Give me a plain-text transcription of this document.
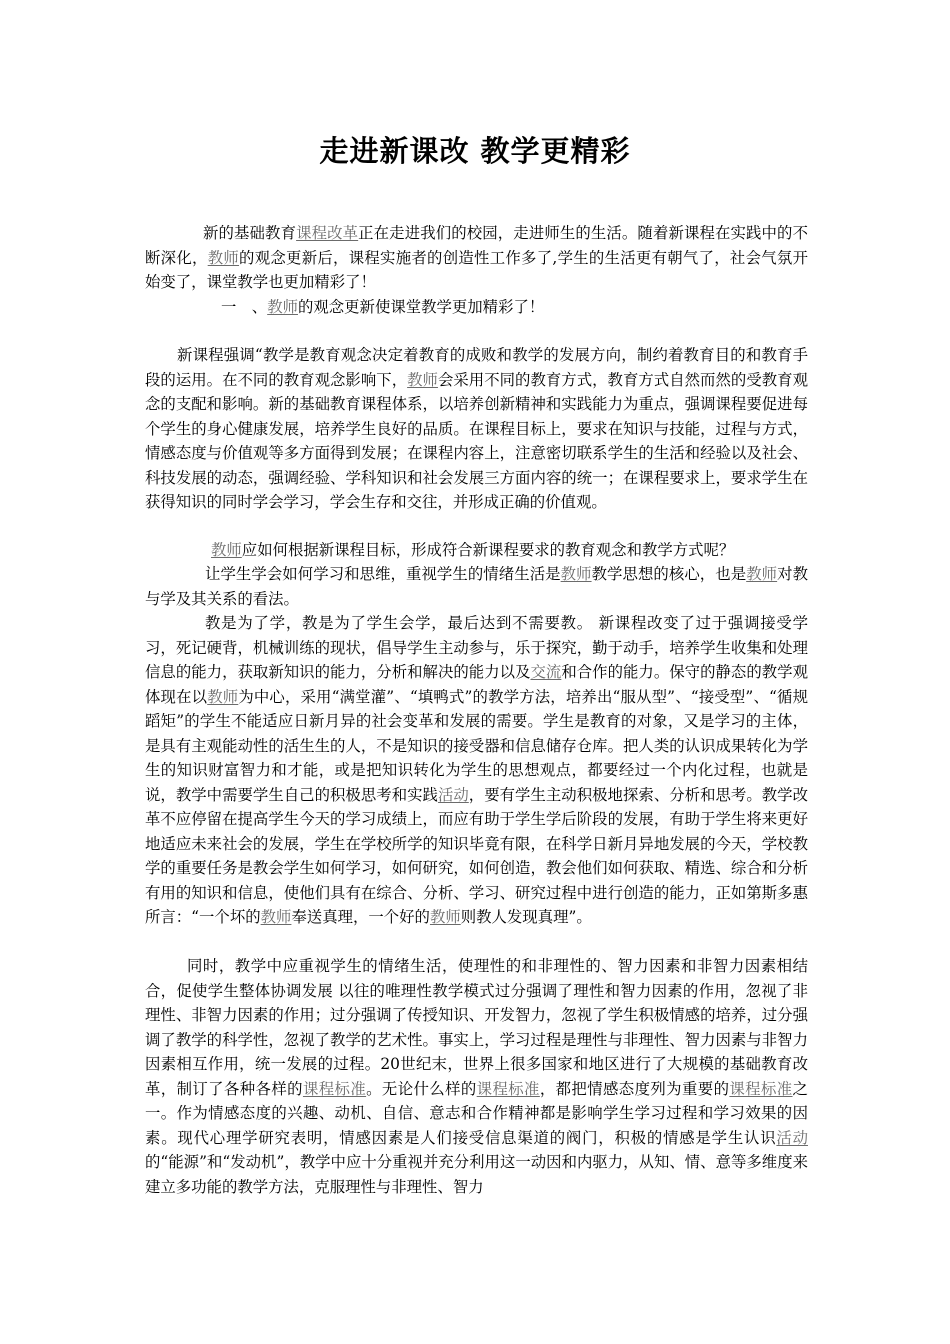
走进新课改 教学更精彩

新的基础教育课程改革正在走进我们的校园，走进师生的生活。随着新课程在实践中的不断深化，教师的观念更新后，课程实施者的创造性工作多了,学生的生活更有朝气了，社会气氛开始变了，课堂教学也更加精彩了！

一　、教师的观念更新使课堂教学更加精彩了！

新课程强调“教学是教育观念决定着教育的成败和教学的发展方向，制约着教育目的和教育手段的运用。在不同的教育观念影响下，教师会采用不同的教育方式，教育方式自然而然的受教育观念的支配和影响。新的基础教育课程体系，以培养创新精神和实践能力为重点，强调课程要促进每个学生的身心健康发展，培养学生良好的品质。在课程目标上，要求在知识与技能，过程与方式，情感态度与价值观等多方面得到发展；在课程内容上，注意密切联系学生的生活和经验以及社会、科技发展的动态，强调经验、学科知识和社会发展三方面内容的统一；在课程要求上，要求学生在获得知识的同时学会学习，学会生存和交往，并形成正确的价值观。

教师应如何根据新课程目标，形成符合新课程要求的教育观念和教学方式呢？

让学生学会如何学习和思维，重视学生的情绪生活是教师教学思想的核心，也是教师对教与学及其关系的看法。

教是为了学，教是为了学生会学，最后达到不需要教。 新课程改变了过于强调接受学习，死记硬背，机械训练的现状，倡导学生主动参与，乐于探究，勤于动手，培养学生收集和处理信息的能力，获取新知识的能力，分析和解决的能力以及交流和合作的能力。保守的静态的教学观体现在以教师为中心，采用“满堂灌”、“填鸭式”的教学方法，培养出“服从型”、“接受型”、“循规蹈矩”的学生不能适应日新月异的社会变革和发展的需要。学生是教育的对象，又是学习的主体，是具有主观能动性的活生生的人，不是知识的接受器和信息储存仓库。把人类的认识成果转化为学生的知识财富智力和才能，或是把知识转化为学生的思想观点，都要经过一个内化过程，也就是说，教学中需要学生自己的积极思考和实践活动，要有学生主动积极地探索、分析和思考。教学改革不应停留在提高学生今天的学习成绩上，而应有助于学生学后阶段的发展，有助于学生将来更好地适应未来社会的发展，学生在学校所学的知识毕竟有限，在科学日新月异地发展的今天，学校教学的重要任务是教会学生如何学习，如何研究，如何创造，教会他们如何获取、精选、综合和分析有用的知识和信息，使他们具有在综合、分析、学习、研究过程中进行创造的能力，正如第斯多惠所言：“一个坏的教师奉送真理，一个好的教师则教人发现真理”。

同时，教学中应重视学生的情绪生活，使理性的和非理性的、智力因素和非智力因素相结合，促使学生整体协调发展 以往的唯理性教学模式过分强调了理性和智力因素的作用，忽视了非理性、非智力因素的作用；过分强调了传授知识、开发智力，忽视了学生积极情感的培养，过分强调了教学的科学性，忽视了教学的艺术性。事实上，学习过程是理性与非理性、智力因素与非智力因素相互作用，统一发展的过程。20世纪末，世界上很多国家和地区进行了大规模的基础教育改革，制订了各种各样的课程标准。无论什么样的课程标准，都把情感态度列为重要的课程标准之一。作为情感态度的兴趣、动机、自信、意志和合作精神都是影响学生学习过程和学习效果的因素。现代心理学研究表明，情感因素是人们接受信息渠道的阀门，积极的情感是学生认识活动的“能源”和“发动机”，教学中应十分重视并充分利用这一动因和内驱力，从知、情、意等多维度来建立多功能的教学方法，克服理性与非理性、智力
